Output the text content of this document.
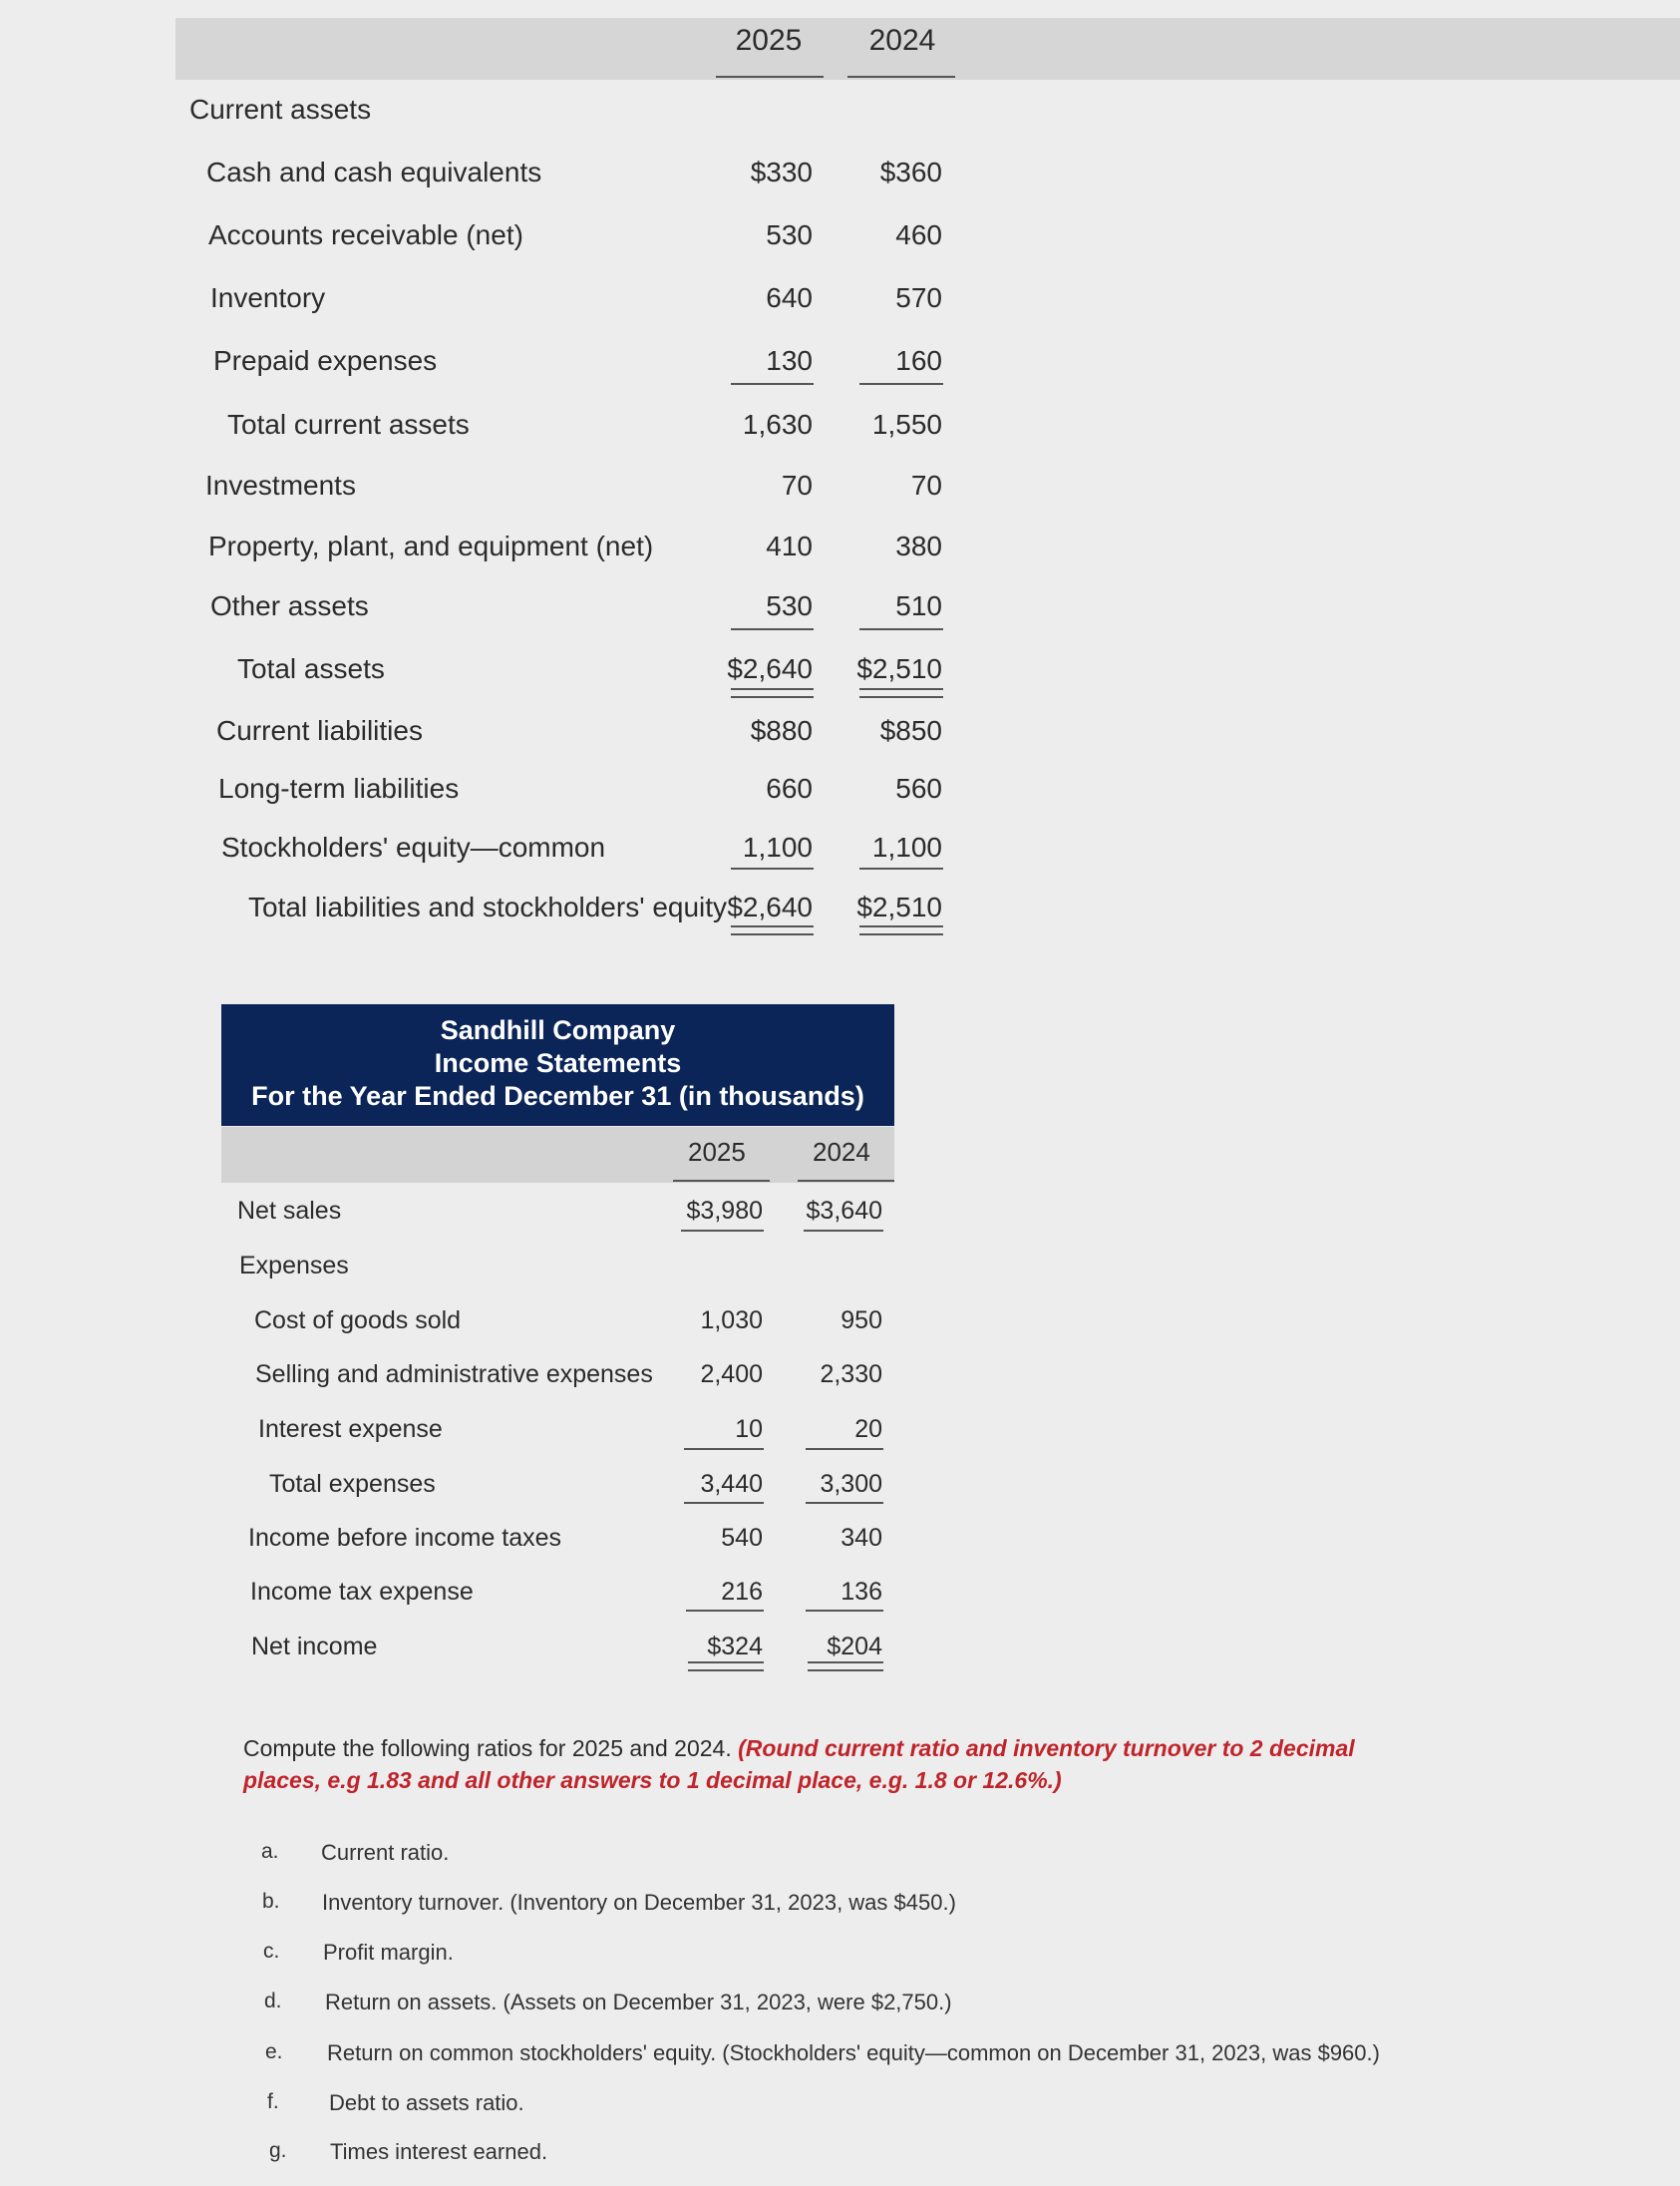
2025	2024
Current assets
Cash and cash equivalents	$330 $360
Accounts receivable (net)	530	460
Inventory	640	570
Prepaid expenses	130	160
Total current assets	1,630 1,550
Investments	70	70
Property, plant, and equipment (net)	410	380
Other assets	530	510
Total assets	$2,640 $2,510
Current liabilities	$880 $850
Long-term liabilities	660	560
Stockholders' equity—common	1,100 1,100
Total liabilities and stockholders' equity $2,640 $2,510
Sandhill Company
Income Statements
For the Year Ended December 31 (in thousands)
2025	2024
Net sales	$3,980 $3,640
Expenses
Cost of goods sold	1,030	950
Selling and administrative expenses 2,400 2,330
Interest expense	10	20
Total expenses	3,440 3,300
Income before income taxes	540	340
Income tax expense	216	136
Net income	$324	$204
Compute the following ratios for 2025 and 2024. (Round current ratio and inventory turnover to 2 decimal
places, e.g 1.83 and all other answers to 1 decimal place, e.g. 1.8 or 12.6%.)
a. Current ratio.
b. Inventory turnover. (Inventory on December 31, 2023, was $450.)
c. Profit margin.
d. Return on assets. (Assets on December 31, 2023, were $2,750.)
e. Return on common stockholders' equity. (Stockholders' equity—common on December 31, 2023, was $960.)
f. Debt to assets ratio.
g. Times interest earned.
